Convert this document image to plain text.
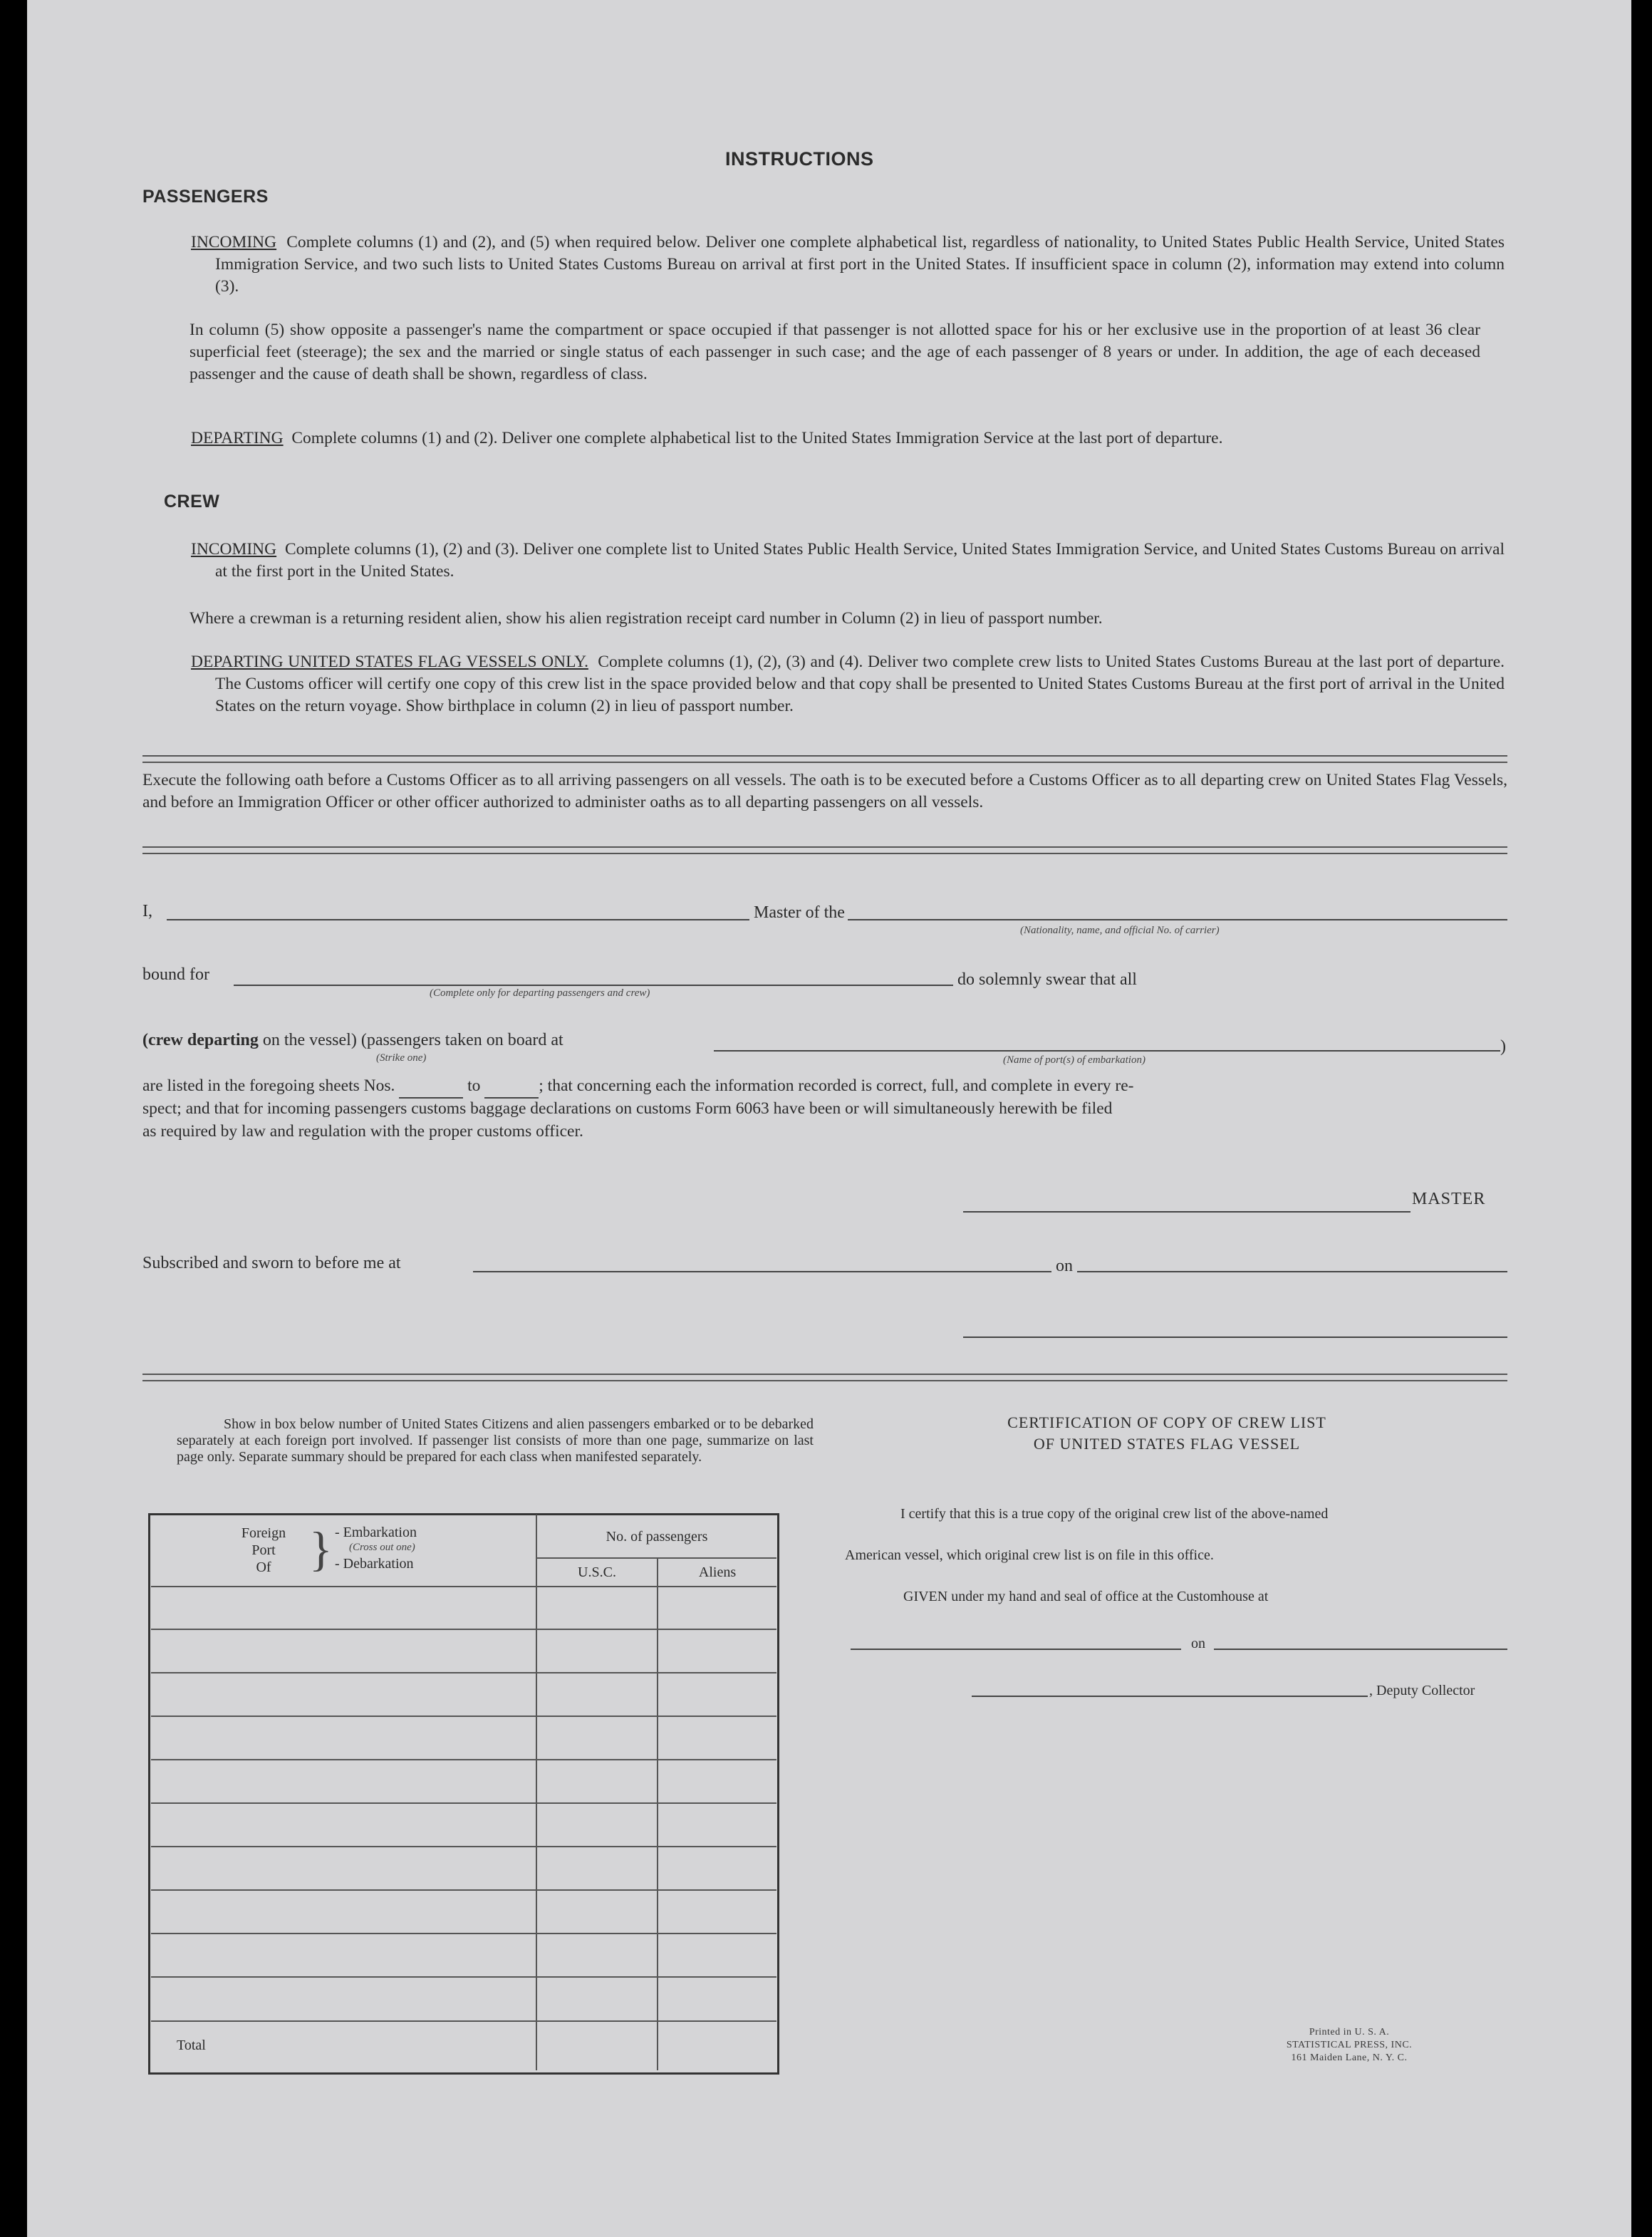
INSTRUCTIONS
PASSENGERS
INCOMING Complete columns (1) and (2), and (5) when required below. Deliver one complete alphabetical list, regardless of nationality, to United States Public Health Service, United States Immigration Service, and two such lists to United States Customs Bureau on arrival at first port in the United States. If insufficient space in column (2), information may extend into column (3).
In column (5) show opposite a passenger's name the compartment or space occupied if that passenger is not allotted space for his or her exclusive use in the proportion of at least 36 clear superficial feet (steerage); the sex and the married or single status of each passenger in such case; and the age of each passenger of 8 years or under. In addition, the age of each deceased passenger and the cause of death shall be shown, regardless of class.
DEPARTING Complete columns (1) and (2). Deliver one complete alphabetical list to the United States Immigration Service at the last port of departure.
CREW
INCOMING Complete columns (1), (2) and (3). Deliver one complete list to United States Public Health Service, United States Immigration Service, and United States Customs Bureau on arrival at the first port in the United States.
Where a crewman is a returning resident alien, show his alien registration receipt card number in Column (2) in lieu of passport number.
DEPARTING UNITED STATES FLAG VESSELS ONLY. Complete columns (1), (2), (3) and (4). Deliver two complete crew lists to United States Customs Bureau at the last port of departure. The Customs officer will certify one copy of this crew list in the space provided below and that copy shall be presented to United States Customs Bureau at the first port of arrival in the United States on the return voyage. Show birthplace in column (2) in lieu of passport number.
Execute the following oath before a Customs Officer as to all arriving passengers on all vessels. The oath is to be executed before a Customs Officer as to all departing crew on United States Flag Vessels, and before an Immigration Officer or other officer authorized to administer oaths as to all departing passengers on all vessels.
I,	Master of the
(Nationality, name, and official No. of carrier)
bound for
(Complete only for departing passengers and crew)
do solemnly swear that all
(crew departing on the vessel) (passengers taken on board at
(Strike one)
)
(Name of port(s) of embarkation)
are listed in the foregoing sheets Nos.	to	; that concerning each the information recorded is correct, full, and complete in every re-
spect; and that for incoming passengers customs baggage declarations on customs Form 6063 have been or will simultaneously herewith be filed
as required by law and regulation with the proper customs officer.
MASTER
Subscribed and sworn to before me at	on
Show in box below number of United States Citizens and alien passengers embarked or to be debarked separately at each foreign port involved. If passenger list consists of more than one page, summarize on last page only. Separate summary should be prepared for each class when manifested separately.
Foreign
Port
Of } - Embarkation
(Cross out one)
- Debarkation
No. of passengers
U.S.C.	Aliens
Total
CERTIFICATION OF COPY OF CREW LIST
OF UNITED STATES FLAG VESSEL
I certify that this is a true copy of the original crew list of the above-named
American vessel, which original crew list is on file in this office.
GIVEN under my hand and seal of office at the Customhouse at
on
, Deputy Collector
Printed in U. S. A.
STATISTICAL PRESS, INC.
161 Maiden Lane, N. Y. C.
